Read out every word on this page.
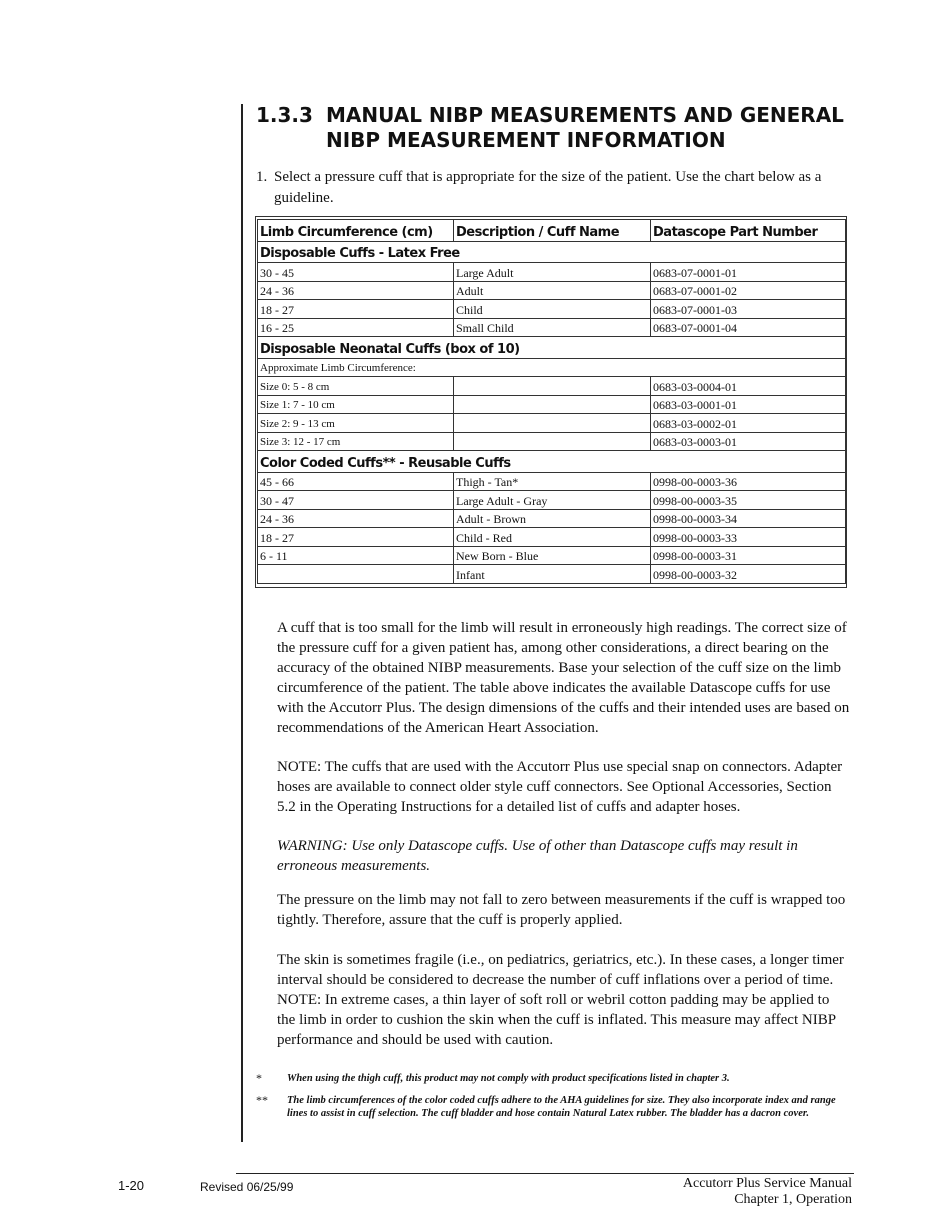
1.3.3 MANUAL NIBP MEASUREMENTS AND GENERAL NIBP MEASUREMENT INFORMATION
1. Select a pressure cuff that is appropriate for the size of the patient. Use the chart below as a guideline.
Limb Circumference (cm)	Description / Cuff Name	Datascope Part Number
Disposable Cuffs - Latex Free		
30 - 45	Large Adult	0683-07-0001-01
24 - 36	Adult	0683-07-0001-02
18 - 27	Child	0683-07-0001-03
16 - 25	Small Child	0683-07-0001-04
Disposable Neonatal Cuffs (box of 10)		
Approximate Limb Circumference:		
Size 0: 5 - 8 cm		0683-03-0004-01
Size 1: 7 - 10 cm		0683-03-0001-01
Size 2: 9 - 13 cm		0683-03-0002-01
Size 3: 12 - 17 cm		0683-03-0003-01
Color Coded Cuffs** - Reusable Cuffs		
45 - 66	Thigh - Tan*	0998-00-0003-36
30 - 47	Large Adult - Gray	0998-00-0003-35
24 - 36	Adult - Brown	0998-00-0003-34
18 - 27	Child - Red	0998-00-0003-33
6 - 11	New Born - Blue	0998-00-0003-31
	Infant	0998-00-0003-32

A cuff that is too small for the limb will result in erroneously high readings. The correct size of the pressure cuff for a given patient has, among other considerations, a direct bearing on the accuracy of the obtained NIBP measurements. Base your selection of the cuff size on the limb circumference of the patient. The table above indicates the available Datascope cuffs for use with the Accutorr Plus. The design dimensions of the cuffs and their intended uses are based on recommendations of the American Heart Association.

NOTE: The cuffs that are used with the Accutorr Plus use special snap on connectors. Adapter hoses are available to connect older style cuff connectors. See Optional Accessories, Section 5.2 in the Operating Instructions for a detailed list of cuffs and adapter hoses.

WARNING: Use only Datascope cuffs. Use of other than Datascope cuffs may result in erroneous measurements.

The pressure on the limb may not fall to zero between measurements if the cuff is wrapped too tightly. Therefore, assure that the cuff is properly applied.

The skin is sometimes fragile (i.e., on pediatrics, geriatrics, etc.). In these cases, a longer timer interval should be considered to decrease the number of cuff inflations over a period of time. NOTE: In extreme cases, a thin layer of soft roll or webril cotton padding may be applied to the limb in order to cushion the skin when the cuff is inflated. This measure may affect NIBP performance and should be used with caution.

*	When using the thigh cuff, this product may not comply with product specifications listed in chapter 3.
**	The limb circumferences of the color coded cuffs adhere to the AHA guidelines for size. They also incorporate index and range lines to assist in cuff selection. The cuff bladder and hose contain Natural Latex rubber. The bladder has a dacron cover.
1-20	Revised 06/25/99	Accutorr Plus Service Manual
Chapter 1, Operation
